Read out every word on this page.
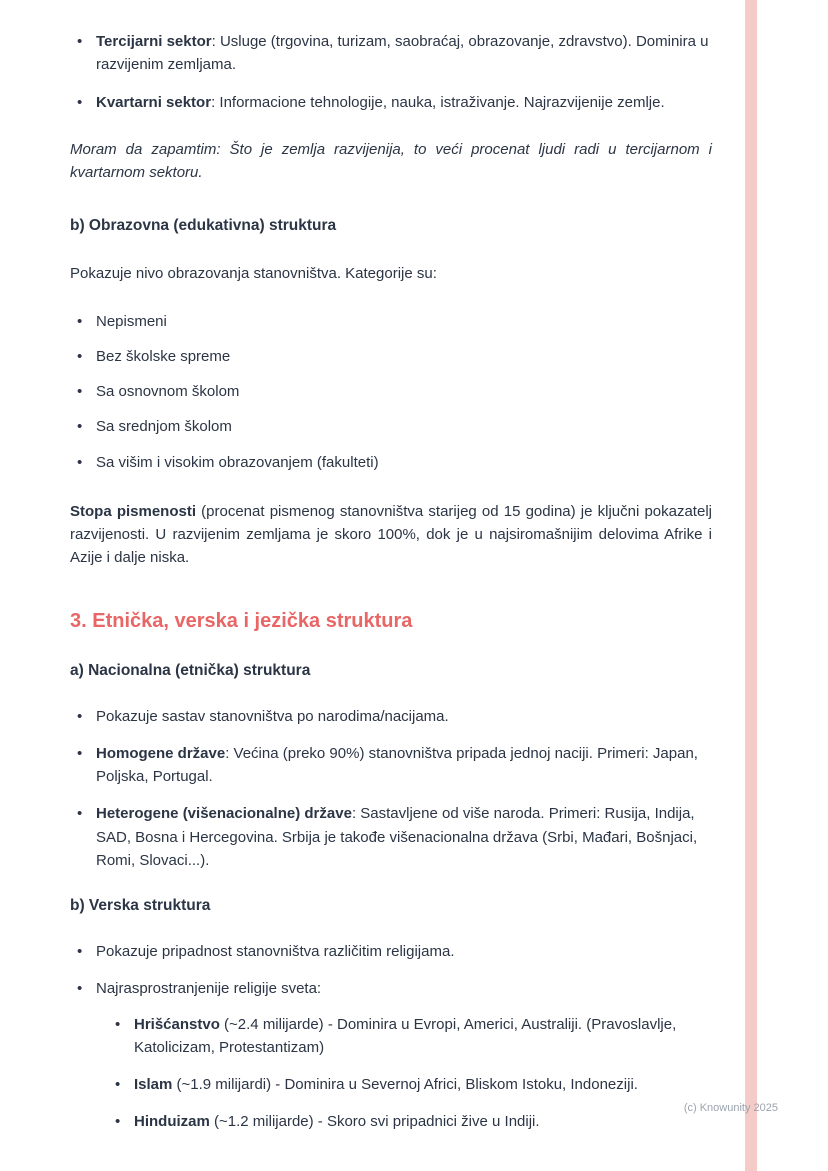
• Tercijarni sektor: Usluge (trgovina, turizam, saobraćaj, obrazovanje, zdravstvo). Dominira u razvijenim zemljama.
• Kvartarni sektor: Informacione tehnologije, nauka, istraživanje. Najrazvijenije zemlje.

Moram da zapamtim: Što je zemlja razvijenija, to veći procenat ljudi radi u tercijarnom i kvartarnom sektoru.

b) Obrazovna (edukativna) struktura

Pokazuje nivo obrazovanja stanovništva. Kategorije su:

• Nepismeni
• Bez školske spreme
• Sa osnovnom školom
• Sa srednjom školom
• Sa višim i visokim obrazovanjem (fakulteti)

Stopa pismenosti (procenat pismenog stanovništva starijeg od 15 godina) je ključni pokazatelj razvijenosti. U razvijenim zemljama je skoro 100%, dok je u najsiromašnijim delovima Afrike i Azije i dalje niska.

3. Etnička, verska i jezička struktura
a) Nacionalna (etnička) struktura
• Pokazuje sastav stanovništva po narodima/nacijama.
• Homogene države: Većina (preko 90%) stanovništva pripada jednoj naciji. Primeri: Japan, Poljska, Portugal.
• Heterogene (višenacionalne) države: Sastavljene od više naroda. Primeri: Rusija, Indija, SAD, Bosna i Hercegovina. Srbija je takođe višenacionalna država (Srbi, Mađari, Bošnjaci, Romi, Slovaci...).
b) Verska struktura
• Pokazuje pripadnost stanovništva različitim religijama.
• Najrasprostranjenije religije sveta:
• Hrišćanstvo (~2.4 milijarde) - Dominira u Evropi, Americi, Australiji. (Pravoslavlje, Katolicizam, Protestantizam)
• Islam (~1.9 milijardi) - Dominira u Severnoj Africi, Bliskom Istoku, Indoneziji.
• Hinduizam (~1.2 milijarde) - Skoro svi pripadnici žive u Indiji.
(c) Knowunity 2025
